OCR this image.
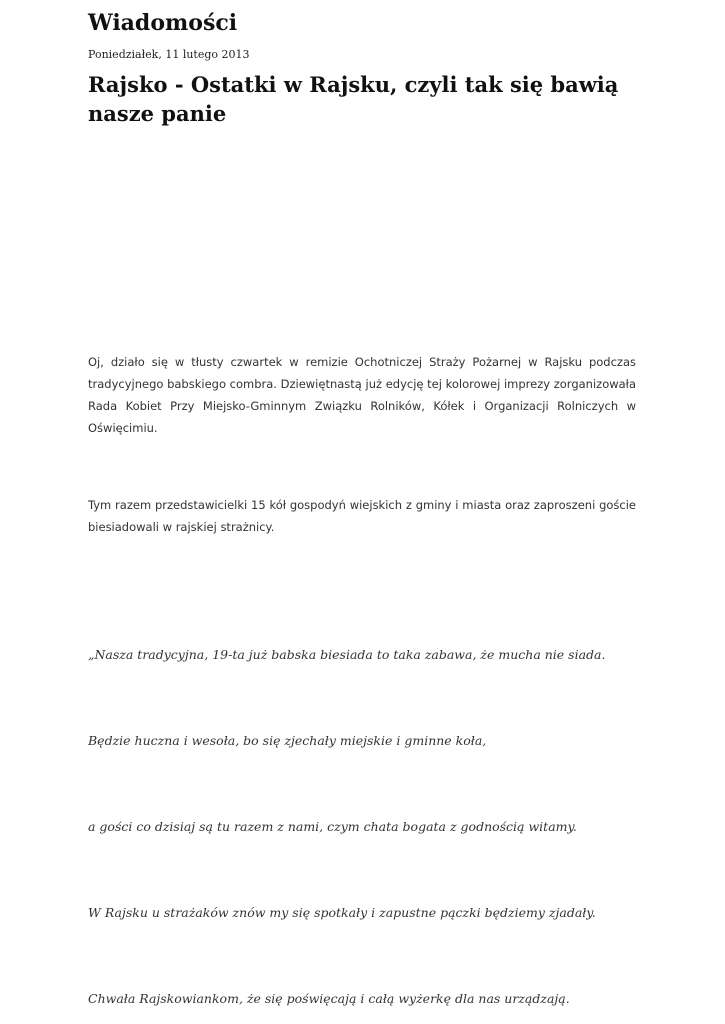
Wiadomości
Poniedziałek, 11 lutego 2013
Rajsko - Ostatki w Rajsku, czyli tak się bawią nasze panie

Oj, działo się w tłusty czwartek w remizie Ochotniczej Straży Pożarnej w Rajsku podczas tradycyjnego babskiego combra. Dziewiętnastą już edycję tej kolorowej imprezy zorganizowała Rada Kobiet Przy Miejsko-Gminnym Związku Rolników, Kółek i Organizacji Rolniczych w Oświęcimiu.

Tym razem przedstawicielki 15 kół gospodyń wiejskich z gminy i miasta oraz zaproszeni goście biesiadowali w rajskiej strażnicy.

„Nasza tradycyjna, 19-ta już babska biesiada to taka zabawa, że mucha nie siada.

Będzie huczna i wesoła, bo się zjechały miejskie i gminne koła,

a gości co dzisiaj są tu razem z nami, czym chata bogata z godnością witamy.

W Rajsku u strażaków znów my się spotkały i zapustne pączki będziemy zjadały.

Chwała Rajskowiankom, że się poświęcają i całą wyżerkę dla nas urządzają.
